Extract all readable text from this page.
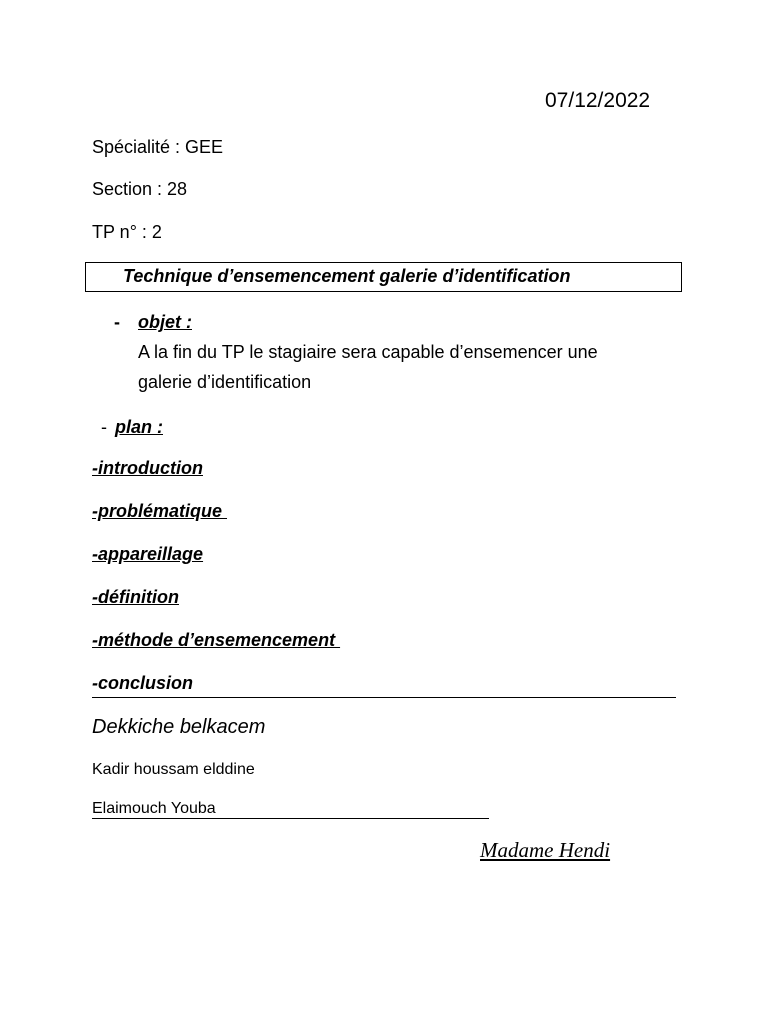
07/12/2022
Spécialité : GEE
Section : 28
TP n° : 2
Technique d’ensemencement galerie d’identification
- objet :
A la fin du TP le stagiaire sera capable d’ensemencer une
galerie d’identification
- plan :
-introduction
-problématique
-appareillage
-définition
-méthode d’ensemencement
-conclusion
Dekkiche belkacem
Kadir houssam elddine
Elaimouch Youba
Madame Hendi
